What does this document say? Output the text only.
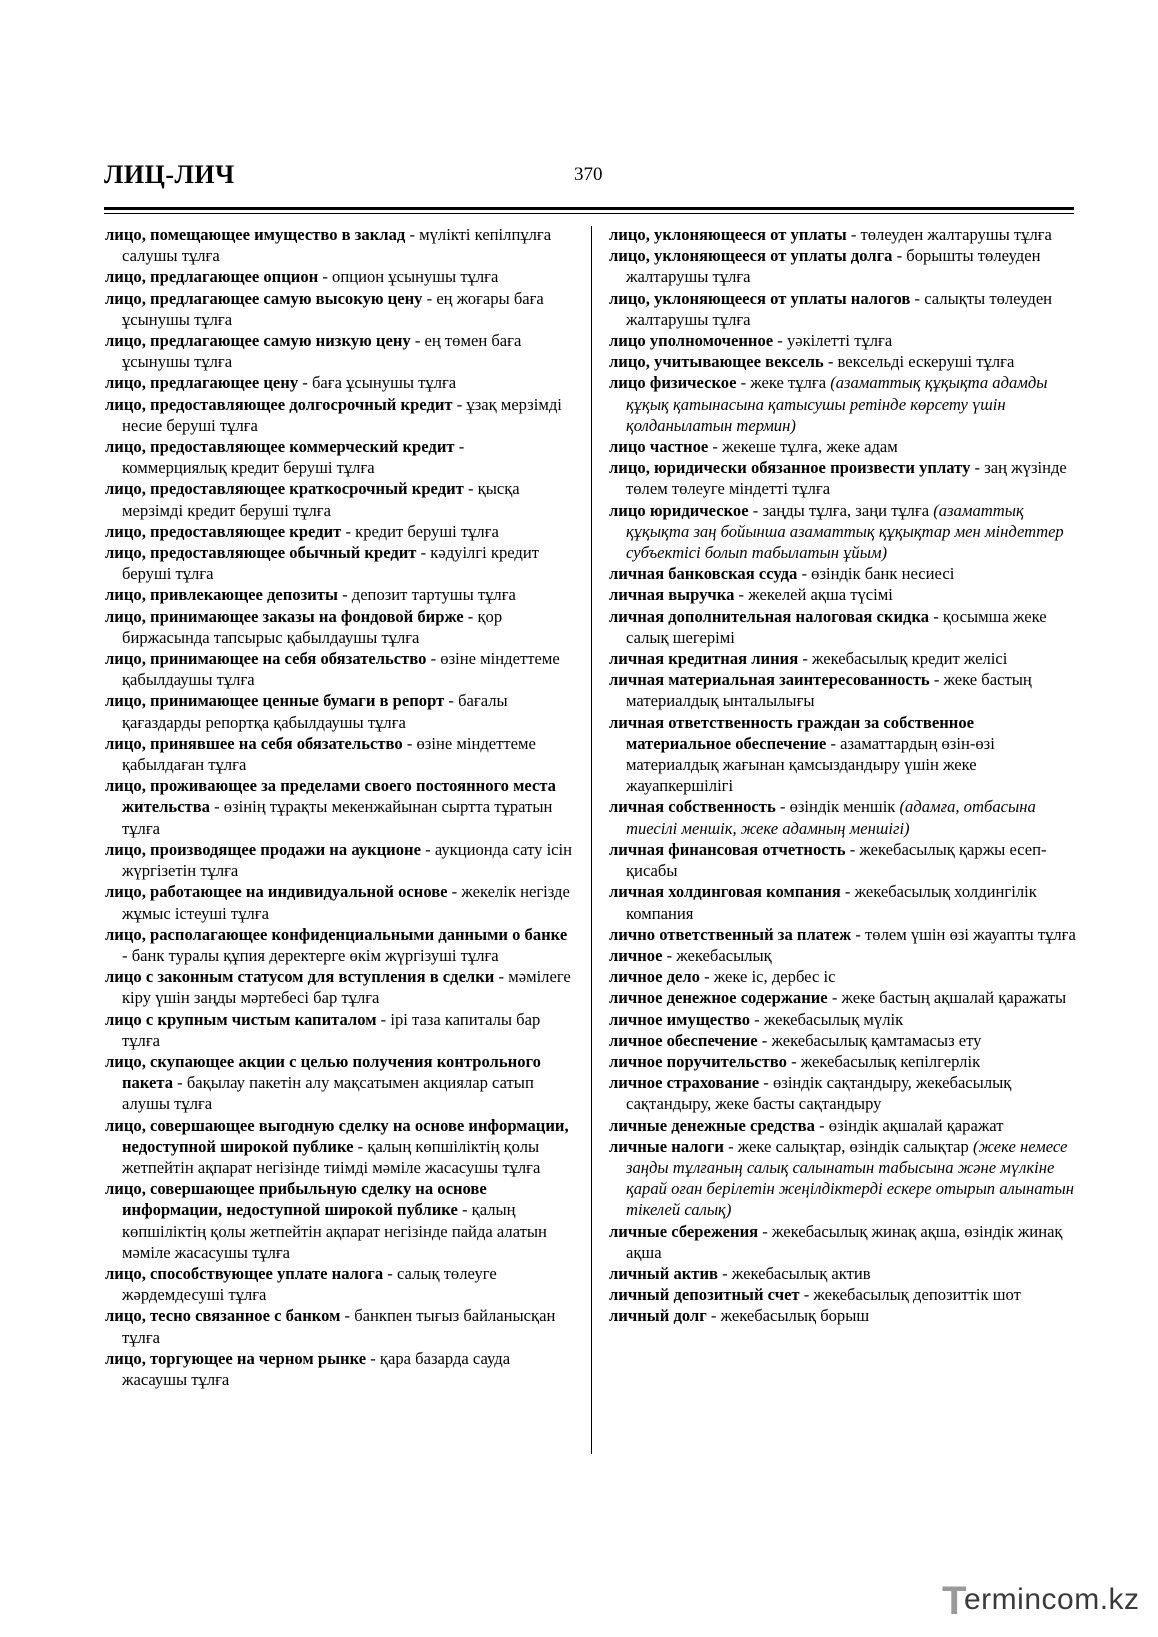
ЛИЦ-ЛИЧ	370

лицо, помещающее имущество в заклад - мүлікті кепілпұлға салушы тұлға

лицо, предлагающее опцион - опцион ұсынушы тұлға

лицо, предлагающее самую высокую цену - ең жоғары баға ұсынушы тұлға

лицо, предлагающее самую низкую цену - ең төмен баға ұсынушы тұлға

лицо, предлагающее цену - баға ұсынушы тұлға

лицо, предоставляющее долгосрочный кредит - ұзақ мерзімді несие беруші тұлға

лицо, предоставляющее коммерческий кредит - коммерциялық кредит беруші тұлға

лицо, предоставляющее краткосрочный кредит - қысқа мерзімді кредит беруші тұлға

лицо, предоставляющее кредит - кредит беруші тұлға

лицо, предоставляющее обычный кредит - кәдуілгі кредит беруші тұлға

лицо, привлекающее депозиты - депозит тартушы тұлға

лицо, принимающее заказы на фондовой бирже - қор биржасында тапсырыс қабылдаушы тұлға

лицо, принимающее на себя обязательство - өзіне міндеттеме қабылдаушы тұлға

лицо, принимающее ценные бумаги в репорт - бағалы қағаздарды репортқа қабылдаушы тұлға

лицо, принявшее на себя обязательство - өзіне міндеттеме қабылдаған тұлға

лицо, проживающее за пределами своего постоянного места жительства - өзінің тұрақты мекенжайынан сыртта тұратын тұлға

лицо, производящее продажи на аукционе - аукционда сату ісін жүргізетін тұлға

лицо, работающее на индивидуальной основе - жекелік негізде жұмыс істеуші тұлға

лицо, располагающее конфиденциальными данными о банке - банк туралы құпия деректерге өкім жүргізуші тұлға

лицо с законным статусом для вступления в сделки - мәмілеге кіру үшін заңды мәртебесі бар тұлға

лицо с крупным чистым капиталом - ірі таза капиталы бар тұлға

лицо, скупающее акции с целью получения контрольного пакета - бақылау пакетін алу мақсатымен акциялар сатып алушы тұлға

лицо, совершающее выгодную сделку на основе информации, недоступной широкой публике - қалың көпшіліктің қолы жетпейтін ақпарат негізінде тиімді мәміле жасасушы тұлға

лицо, совершающее прибыльную сделку на основе информации, недоступной широкой публике - қалың көпшіліктің қолы жетпейтін ақпарат негізінде пайда алатын мәміле жасасушы тұлға

лицо, способствующее уплате налога - салық төлеуге жәрдемдесуші тұлға

лицо, тесно связанное с банком - банкпен тығыз байланысқан тұлға

лицо, торгующее на черном рынке - қара базарда сауда жасаушы тұлға

лицо, уклоняющееся от уплаты - төлеуден жалтарушы тұлға

лицо, уклоняющееся от уплаты долга - борышты төлеуден жалтарушы тұлға

лицо, уклоняющееся от уплаты налогов - салықты төлеуден жалтарушы тұлға

лицо уполномоченное - уәкілетті тұлға

лицо, учитывающее вексель - вексельді ескеруші тұлға

лицо физическое - жеке тұлға (азаматтық құқықта адамды құқық қатынасына қатысушы ретінде көрсету үшін қолданылатын термин)

лицо частное - жекеше тұлға, жеке адам

лицо, юридически обязанное произвести уплату - заң жүзінде төлем төлеуге міндетті тұлға

лицо юридическое - заңды тұлға, заңи тұлға (азаматтық құқықта заң бойынша азаматтық құқықтар мен міндеттер субъектісі болып табылатын ұйым)

личная банковская ссуда - өзіндік банк несиесі

личная выручка - жекелей ақша түсімі

личная дополнительная налоговая скидка - қосымша жеке салық шегерімі

личная кредитная линия - жекебасылық кредит желісі

личная материальная заинтересованность - жеке бастың материалдық ынталылығы

личная ответственность граждан за собственное материальное обеспечение - азаматтардың өзін-өзі материалдық жағынан қамсыздандыру үшін жеке жауапкершілігі

личная собственность - өзіндік меншік (адамға, отбасына тиесілі меншік, жеке адамның меншігі)

личная финансовая отчетность - жекебасылық қаржы есеп-қисабы

личная холдинговая компания - жекебасылық холдингілік компания

лично ответственный за платеж - төлем үшін өзі жауапты тұлға

личное - жекебасылық

личное дело - жеке іс, дербес іс

личное денежное содержание - жеке бастың ақшалай қаражаты

личное имущество - жекебасылық мүлік

личное обеспечение - жекебасылық қамтамасыз ету

личное поручительство - жекебасылық кепілгерлік

личное страхование - өзіндік сақтандыру, жекебасылық сақтандыру, жеке басты сақтандыру

личные денежные средства - өзіндік ақшалай қаражат

личные налоги - жеке салықтар, өзіндік салықтар (жеке немесе заңды тұлғаның салық салынатын табысына және мүлкіне қарай оған берілетін жеңілдіктерді ескере отырып алынатын тікелей салық)

личные сбережения - жекебасылық жинақ ақша, өзіндік жинақ ақша

личный актив - жекебасылық актив

личный депозитный счет - жекебасылық депозиттік шот

личный долг - жекебасылық борыш

T
ermincom.kz
